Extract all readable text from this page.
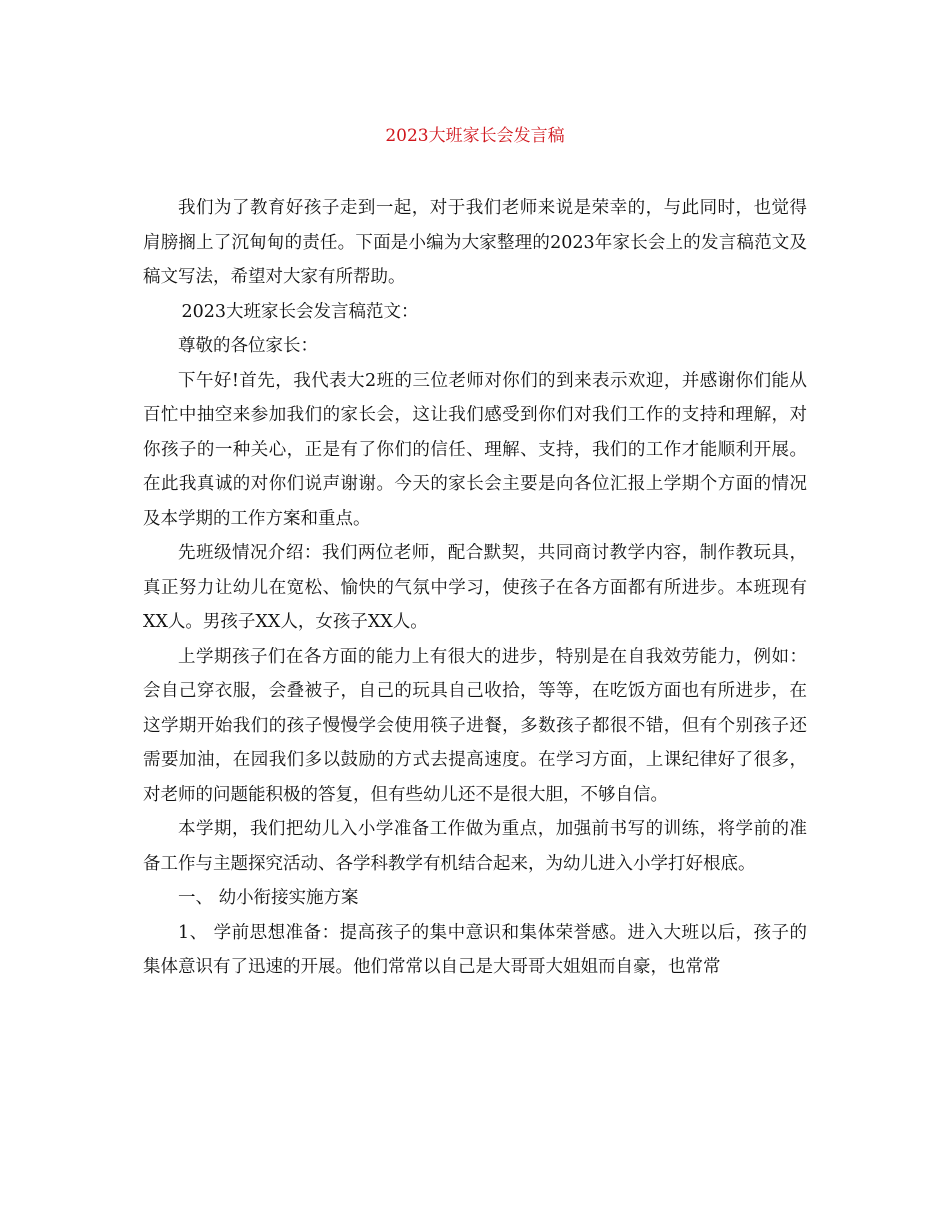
2023大班家长会发言稿

我们为了教育好孩子走到一起，对于我们老师来说是荣幸的，与此同时，也觉得肩膀搁上了沉甸甸的责任。下面是小编为大家整理的2023年家长会上的发言稿范文及稿文写法，希望对大家有所帮助。

2023大班家长会发言稿范文：

尊敬的各位家长：

下午好!首先，我代表大2班的三位老师对你们的到来表示欢迎，并感谢你们能从百忙中抽空来参加我们的家长会，这让我们感受到你们对我们工作的支持和理解，对你孩子的一种关心，正是有了你们的信任、理解、支持，我们的工作才能顺利开展。在此我真诚的对你们说声谢谢。今天的家长会主要是向各位汇报上学期个方面的情况及本学期的工作方案和重点。

先班级情况介绍：我们两位老师，配合默契，共同商讨教学内容，制作教玩具，真正努力让幼儿在宽松、愉快的气氛中学习，使孩子在各方面都有所进步。本班现有XX人。男孩子XX人，女孩子XX人。

上学期孩子们在各方面的能力上有很大的进步，特别是在自我效劳能力，例如：会自己穿衣服，会叠被子，自己的玩具自己收拾，等等，在吃饭方面也有所进步，在这学期开始我们的孩子慢慢学会使用筷子进餐，多数孩子都很不错，但有个别孩子还需要加油，在园我们多以鼓励的方式去提高速度。在学习方面，上课纪律好了很多，对老师的问题能积极的答复，但有些幼儿还不是很大胆，不够自信。

本学期，我们把幼儿入小学准备工作做为重点，加强前书写的训练，将学前的准备工作与主题探究活动、各学科教学有机结合起来，为幼儿进入小学打好根底。

一、 幼小衔接实施方案

1、 学前思想准备：提高孩子的集中意识和集体荣誉感。进入大班以后，孩子的集体意识有了迅速的开展。他们常常以自己是大哥哥大姐姐而自豪，也常常
